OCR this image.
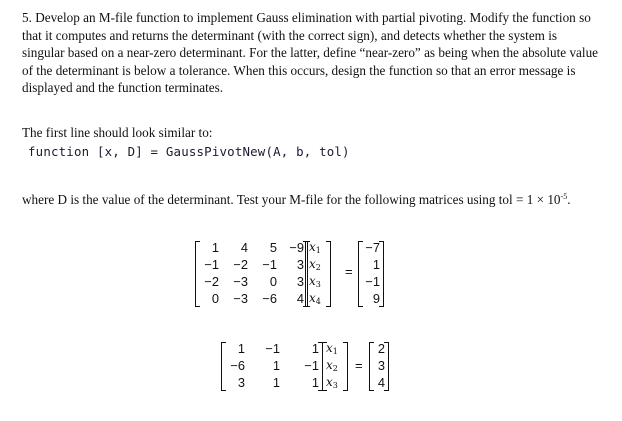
5. Develop an M-file function to implement Gauss elimination with partial pivoting. Modify the function so that it computes and returns the determinant (with the correct sign), and detects whether the system is singular based on a near-zero determinant. For the latter, define “near-zero” as being when the absolute value of the determinant is below a tolerance. When this occurs, design the function so that an error message is displayed and the function terminates.

The first line should look similar to:

function [x, D] = GaussPivotNew(A, b, tol)

where D is the value of the determinant. Test your M-file for the following matrices using tol = $1 \times 10^{-5}$.

1	4	5 −9
−1	−2	−1	3
−2	−3	0	3
0	−3	−6	4
$x_1$
$x_2$
$x_3$
$x_4$
=
−7
1
−1
9
1	−1	1
−6	1	−1
3	1	1
$x_1$
$x_2$
$x_3$
=
2
3
4
